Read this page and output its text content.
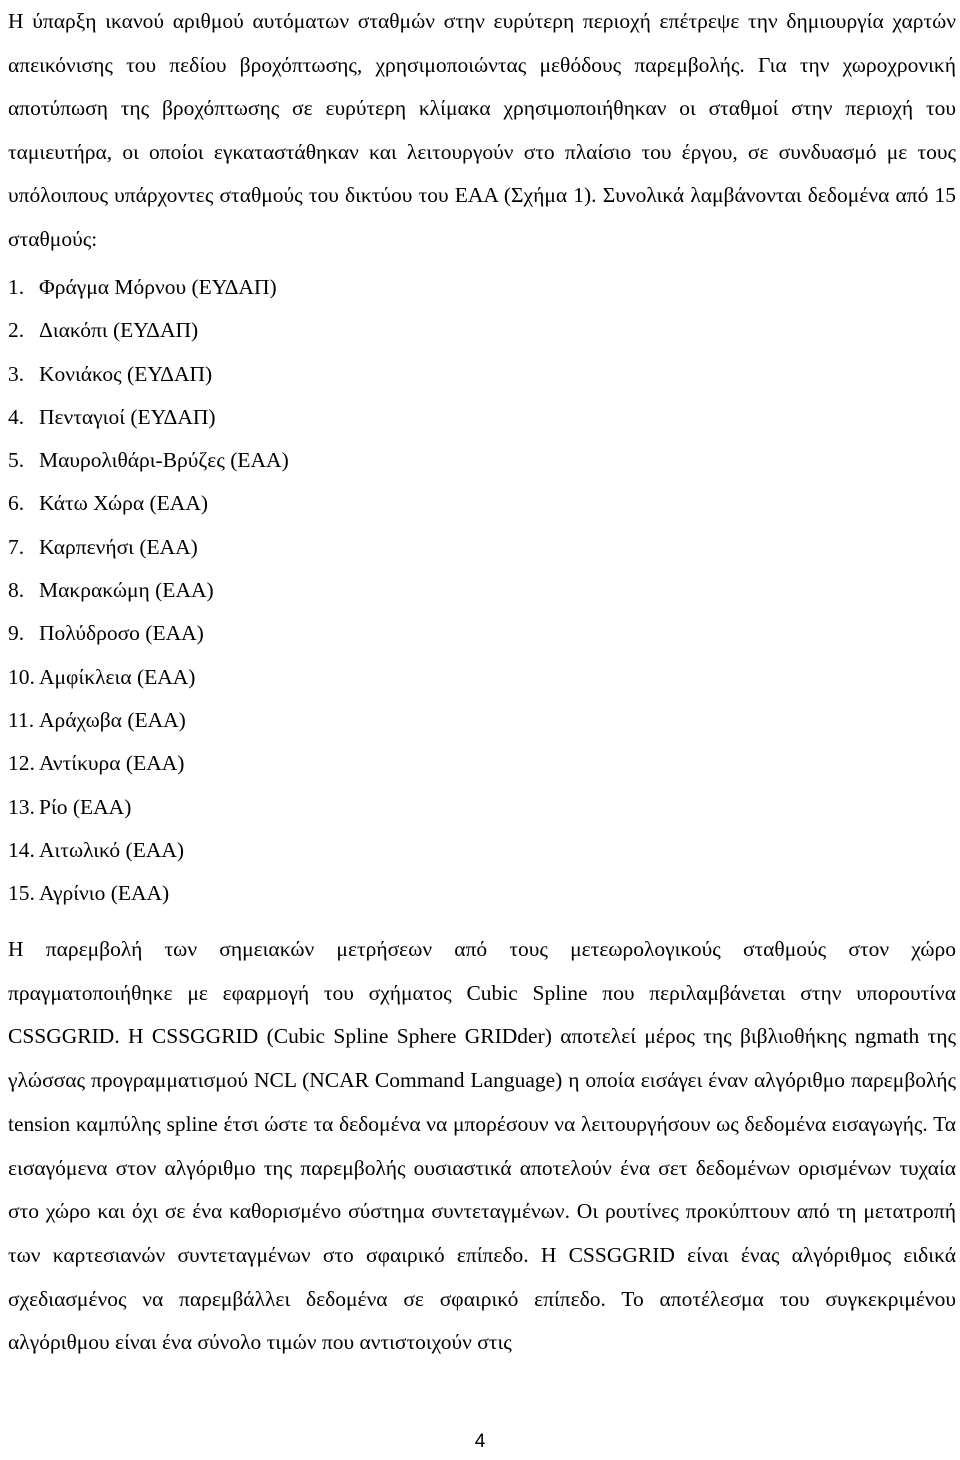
Η ύπαρξη ικανού αριθμού αυτόματων σταθμών στην ευρύτερη περιοχή επέτρεψε την δημιουργία χαρτών απεικόνισης του πεδίου βροχόπτωσης, χρησιμοποιώντας μεθόδους παρεμβολής. Για την χωροχρονική αποτύπωση της βροχόπτωσης σε ευρύτερη κλίμακα χρησιμοποιήθηκαν οι σταθμοί στην περιοχή του ταμιευτήρα, οι οποίοι εγκαταστάθηκαν και λειτουργούν στο πλαίσιο του έργου, σε συνδυασμό με τους υπόλοιπους υπάρχοντες σταθμούς του δικτύου του ΕΑΑ (Σχήμα 1). Συνολικά λαμβάνονται δεδομένα από 15 σταθμούς:

1. Φράγμα Μόρνου (ΕΥΔΑΠ)
2. Διακόπι (ΕΥΔΑΠ)
3. Κονιάκος (ΕΥΔΑΠ)
4. Πενταγιοί (ΕΥΔΑΠ)
5. Μαυρολιθάρι-Βρύζες (ΕΑΑ)
6. Κάτω Χώρα (ΕΑΑ)
7. Καρπενήσι (ΕΑΑ)
8. Μακρακώμη (ΕΑΑ)
9. Πολύδροσο (ΕΑΑ)
10. Αμφίκλεια (ΕΑΑ)
11. Αράχωβα (ΕΑΑ)
12. Αντίκυρα (ΕΑΑ)
13. Ρίο (ΕΑΑ)
14. Αιτωλικό (ΕΑΑ)
15. Αγρίνιο (ΕΑΑ)

Η παρεμβολή των σημειακών μετρήσεων από τους μετεωρολογικούς σταθμούς στον χώρο πραγματοποιήθηκε με εφαρμογή του σχήματος Cubic Spline που περιλαμβάνεται στην υπορουτίνα CSSGGRID. Η CSSGGRID (Cubic Spline Sphere GRIDder) αποτελεί μέρος της βιβλιοθήκης ngmath της γλώσσας προγραμματισμού NCL (NCAR Command Language) η οποία εισάγει έναν αλγόριθμο παρεμβολής tension καμπύλης spline έτσι ώστε τα δεδομένα να μπορέσουν να λειτουργήσουν ως δεδομένα εισαγωγής. Τα εισαγόμενα στον αλγόριθμο της παρεμβολής ουσιαστικά αποτελούν ένα σετ δεδομένων ορισμένων τυχαία στο χώρο και όχι σε ένα καθορισμένο σύστημα συντεταγμένων. Οι ρουτίνες προκύπτουν από τη μετατροπή των καρτεσιανών συντεταγμένων στο σφαιρικό επίπεδο. Η CSSGGRID είναι ένας αλγόριθμος ειδικά σχεδιασμένος να παρεμβάλλει δεδομένα σε σφαιρικό επίπεδο. Το αποτέλεσμα του συγκεκριμένου αλγόριθμου είναι ένα σύνολο τιμών που αντιστοιχούν στις

4
